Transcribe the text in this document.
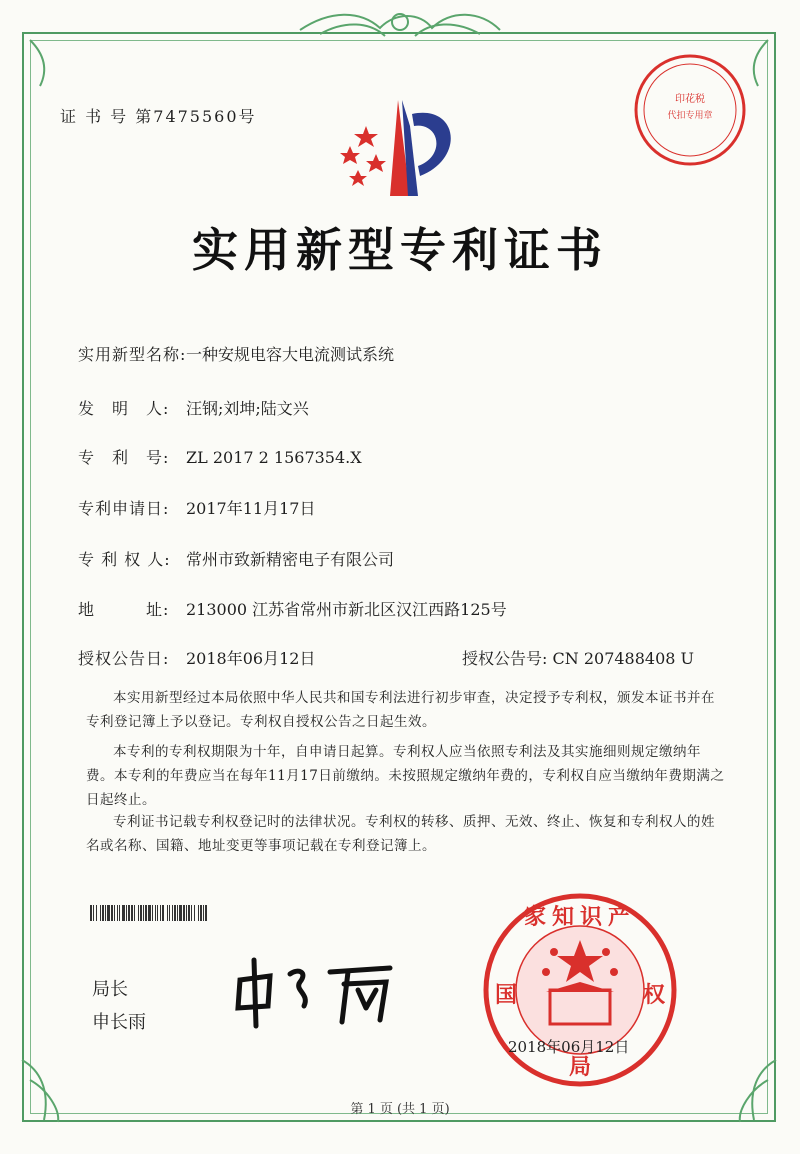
证 书 号 第7475560号
实用新型专利证书
实用新型名称:一种安规电容大电流测试系统
发　明　人: 汪钢;刘坤;陆文兴
专　利　号: ZL 2017 2 1567354.X
专利申请日: 2017年11月17日
专 利 权 人: 常州市致新精密电子有限公司
地　　　址: 213000 江苏省常州市新北区汉江西路125号
授权公告日: 2018年06月12日	授权公告号: CN 207488408 U
本实用新型经过本局依照中华人民共和国专利法进行初步审查，决定授予专利权，颁发本证书并在专利登记簿上予以登记。专利权自授权公告之日起生效。
本专利的专利权期限为十年，自申请日起算。专利权人应当依照专利法及其实施细则规定缴纳年费。本专利的年费应当在每年11月17日前缴纳。未按照规定缴纳年费的，专利权自应当缴纳年费期满之日起终止。
专利证书记载专利权登记时的法律状况。专利权的转移、质押、无效、终止、恢复和专利权人的姓名或名称、国籍、地址变更等事项记载在专利登记簿上。
局长
申长雨
印花税
代扣专用章
家知识产
国	权
局
2018年06月12日
第 1 页 (共 1 页)
